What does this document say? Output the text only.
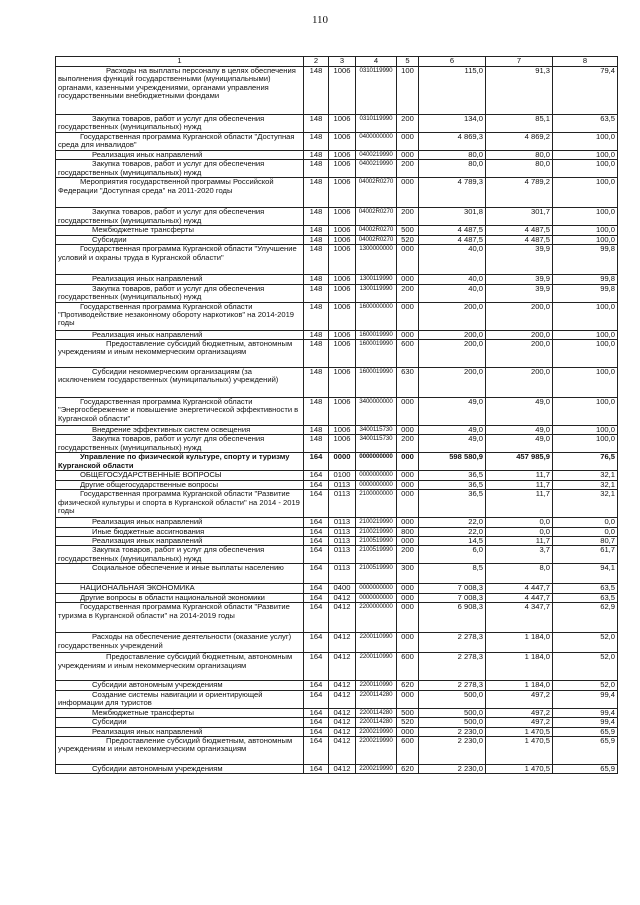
110
1	2	3	4	5	6	7	8
Расходы на выплаты персоналу в целях обеспечения выполнения функций государственными (муниципальными) органами, казенными учреждениями, органами управления государственными внебюджетными фондами	148	1006	0310119990	100	115,0	91,3	79,4
Закупка товаров, работ и услуг для обеспечения государственных (муниципальных) нужд	148	1006	0310119990	200	134,0	85,1	63,5
Государственная программа Курганской области "Доступная среда для инвалидов"	148	1006	0400000000	000	4 869,3	4 869,2	100,0
Реализация иных направлений	148	1006	0400219990	000	80,0	80,0	100,0
Закупка товаров, работ и услуг для обеспечения государственных (муниципальных) нужд	148	1006	0400219990	200	80,0	80,0	100,0
Мероприятия государственной программы Российской Федерации "Доступная среда" на 2011-2020 годы	148	1006	04002R0270	000	4 789,3	4 789,2	100,0
Закупка товаров, работ и услуг для обеспечения государственных (муниципальных) нужд	148	1006	04002R0270	200	301,8	301,7	100,0
Межбюджетные трансферты	148	1006	04002R0270	500	4 487,5	4 487,5	100,0
Субсидии	148	1006	04002R0270	520	4 487,5	4 487,5	100,0
Государственная программа Курганской области "Улучшение условий и охраны труда в Курганской области"	148	1006	1300000000	000	40,0	39,9	99,8
Реализация иных направлений	148	1006	1300119990	000	40,0	39,9	99,8
Закупка товаров, работ и услуг для обеспечения государственных (муниципальных) нужд	148	1006	1300119990	200	40,0	39,9	99,8
Государственная программа Курганской области "Противодействие незаконному обороту наркотиков" на 2014-2019 годы	148	1006	1600000000	000	200,0	200,0	100,0
Реализация иных направлений	148	1006	1600019990	000	200,0	200,0	100,0
Предоставление субсидий бюджетным, автономным учреждениям и иным некоммерческим организациям	148	1006	1600019990	600	200,0	200,0	100,0
Субсидии некоммерческим организациям (за исключением государственных (муниципальных) учреждений)	148	1006	1600019990	630	200,0	200,0	100,0
Государственная программа Курганской области "Энергосбережение и повышение энергетической эффективности в Курганской области"	148	1006	3400000000	000	49,0	49,0	100,0
Внедрение эффективных систем освещения	148	1006	3400115730	000	49,0	49,0	100,0
Закупка товаров, работ и услуг для обеспечения государственных (муниципальных) нужд	148	1006	3400115730	200	49,0	49,0	100,0
Управление по физической культуре, спорту и туризму Курганской области	164	0000	0000000000	000	598 580,9	457 985,9	76,5
ОБЩЕГОСУДАРСТВЕННЫЕ ВОПРОСЫ	164	0100	0000000000	000	36,5	11,7	32,1
Другие общегосударственные вопросы	164	0113	0000000000	000	36,5	11,7	32,1
Государственная программа Курганской области "Развитие физической культуры и спорта в Курганской области" на 2014 - 2019 годы	164	0113	2100000000	000	36,5	11,7	32,1
Реализация иных направлений	164	0113	2100219990	000	22,0	0,0	0,0
Иные бюджетные ассигнования	164	0113	2100219990	800	22,0	0,0	0,0
Реализация иных направлений	164	0113	2100519990	000	14,5	11,7	80,7
Закупка товаров, работ и услуг для обеспечения государственных (муниципальных) нужд	164	0113	2100519990	200	6,0	3,7	61,7
Социальное обеспечение и иные выплаты населению	164	0113	2100519990	300	8,5	8,0	94,1
НАЦИОНАЛЬНАЯ ЭКОНОМИКА	164	0400	0000000000	000	7 008,3	4 447,7	63,5
Другие вопросы в области национальной экономики	164	0412	0000000000	000	7 008,3	4 447,7	63,5
Государственная программа Курганской области "Развитие туризма в Курганской области" на 2014-2019 годы	164	0412	2200000000	000	6 908,3	4 347,7	62,9
Расходы на обеспечение деятельности (оказание услуг) государственных учреждений	164	0412	2200110990	000	2 278,3	1 184,0	52,0
Предоставление субсидий бюджетным, автономным учреждениям и иным некоммерческим организациям	164	0412	2200110990	600	2 278,3	1 184,0	52,0
Субсидии автономным учреждениям	164	0412	2200110990	620	2 278,3	1 184,0	52,0
Создание системы навигации и ориентирующей информации для туристов	164	0412	2200114280	000	500,0	497,2	99,4
Межбюджетные трансферты	164	0412	2200114280	500	500,0	497,2	99,4
Субсидии	164	0412	2200114280	520	500,0	497,2	99,4
Реализация иных направлений	164	0412	2200219990	000	2 230,0	1 470,5	65,9
Предоставление субсидий бюджетным, автономным учреждениям и иным некоммерческим организациям	164	0412	2200219990	600	2 230,0	1 470,5	65,9
Субсидии автономным учреждениям	164	0412	2200219990	620	2 230,0	1 470,5	65,9
